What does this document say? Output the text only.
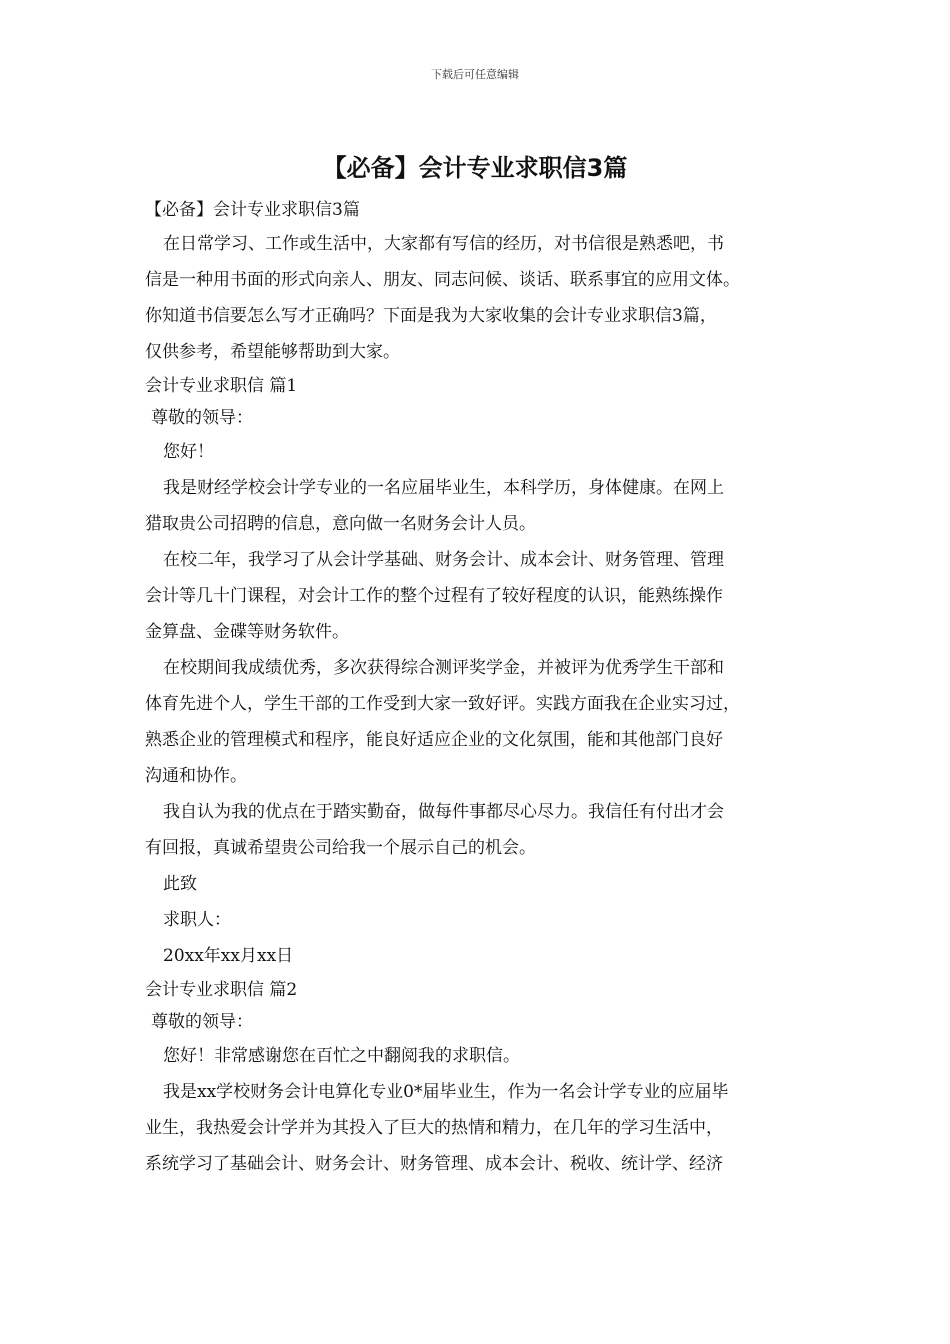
下载后可任意编辑
【必备】会计专业求职信3篇
【必备】会计专业求职信3篇
在日常学习、工作或生活中，大家都有写信的经历，对书信很是熟悉吧，书
信是一种用书面的形式向亲人、朋友、同志问候、谈话、联系事宜的应用文体。
你知道书信要怎么写才正确吗？下面是我为大家收集的会计专业求职信3篇，
仅供参考，希望能够帮助到大家。
会计专业求职信 篇1
尊敬的领导：
您好！
我是财经学校会计学专业的一名应届毕业生，本科学历，身体健康。在网上
猎取贵公司招聘的信息，意向做一名财务会计人员。
在校二年，我学习了从会计学基础、财务会计、成本会计、财务管理、管理
会计等几十门课程，对会计工作的整个过程有了较好程度的认识，能熟练操作
金算盘、金碟等财务软件。
在校期间我成绩优秀，多次获得综合测评奖学金，并被评为优秀学生干部和
体育先进个人，学生干部的工作受到大家一致好评。实践方面我在企业实习过，
熟悉企业的管理模式和程序，能良好适应企业的文化氛围，能和其他部门良好
沟通和协作。
我自认为我的优点在于踏实勤奋，做每件事都尽心尽力。我信任有付出才会
有回报，真诚希望贵公司给我一个展示自己的机会。
此致
求职人：
20xx年xx月xx日
会计专业求职信 篇2
尊敬的领导：
您好！非常感谢您在百忙之中翻阅我的求职信。
我是xx学校财务会计电算化专业0*届毕业生，作为一名会计学专业的应届毕
业生，我热爱会计学并为其投入了巨大的热情和精力，在几年的学习生活中，
系统学习了基础会计、财务会计、财务管理、成本会计、税收、统计学、经济
